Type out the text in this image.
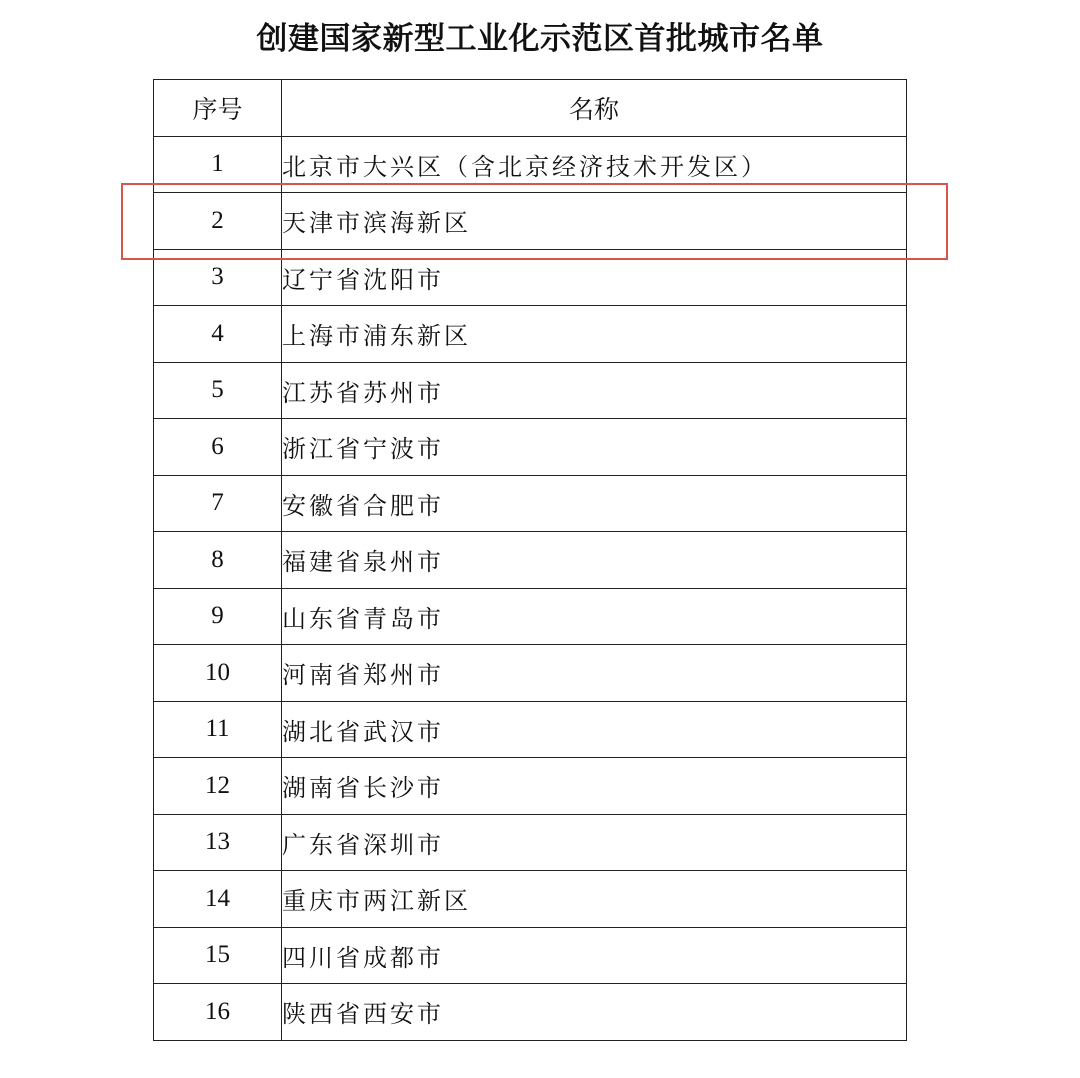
创建国家新型工业化示范区首批城市名单
序号	名称
1	北京市大兴区（含北京经济技术开发区）
2	天津市滨海新区
3	辽宁省沈阳市
4	上海市浦东新区
5	江苏省苏州市
6	浙江省宁波市
7	安徽省合肥市
8	福建省泉州市
9	山东省青岛市
10	河南省郑州市
11	湖北省武汉市
12	湖南省长沙市
13	广东省深圳市
14	重庆市两江新区
15	四川省成都市
16	陕西省西安市
